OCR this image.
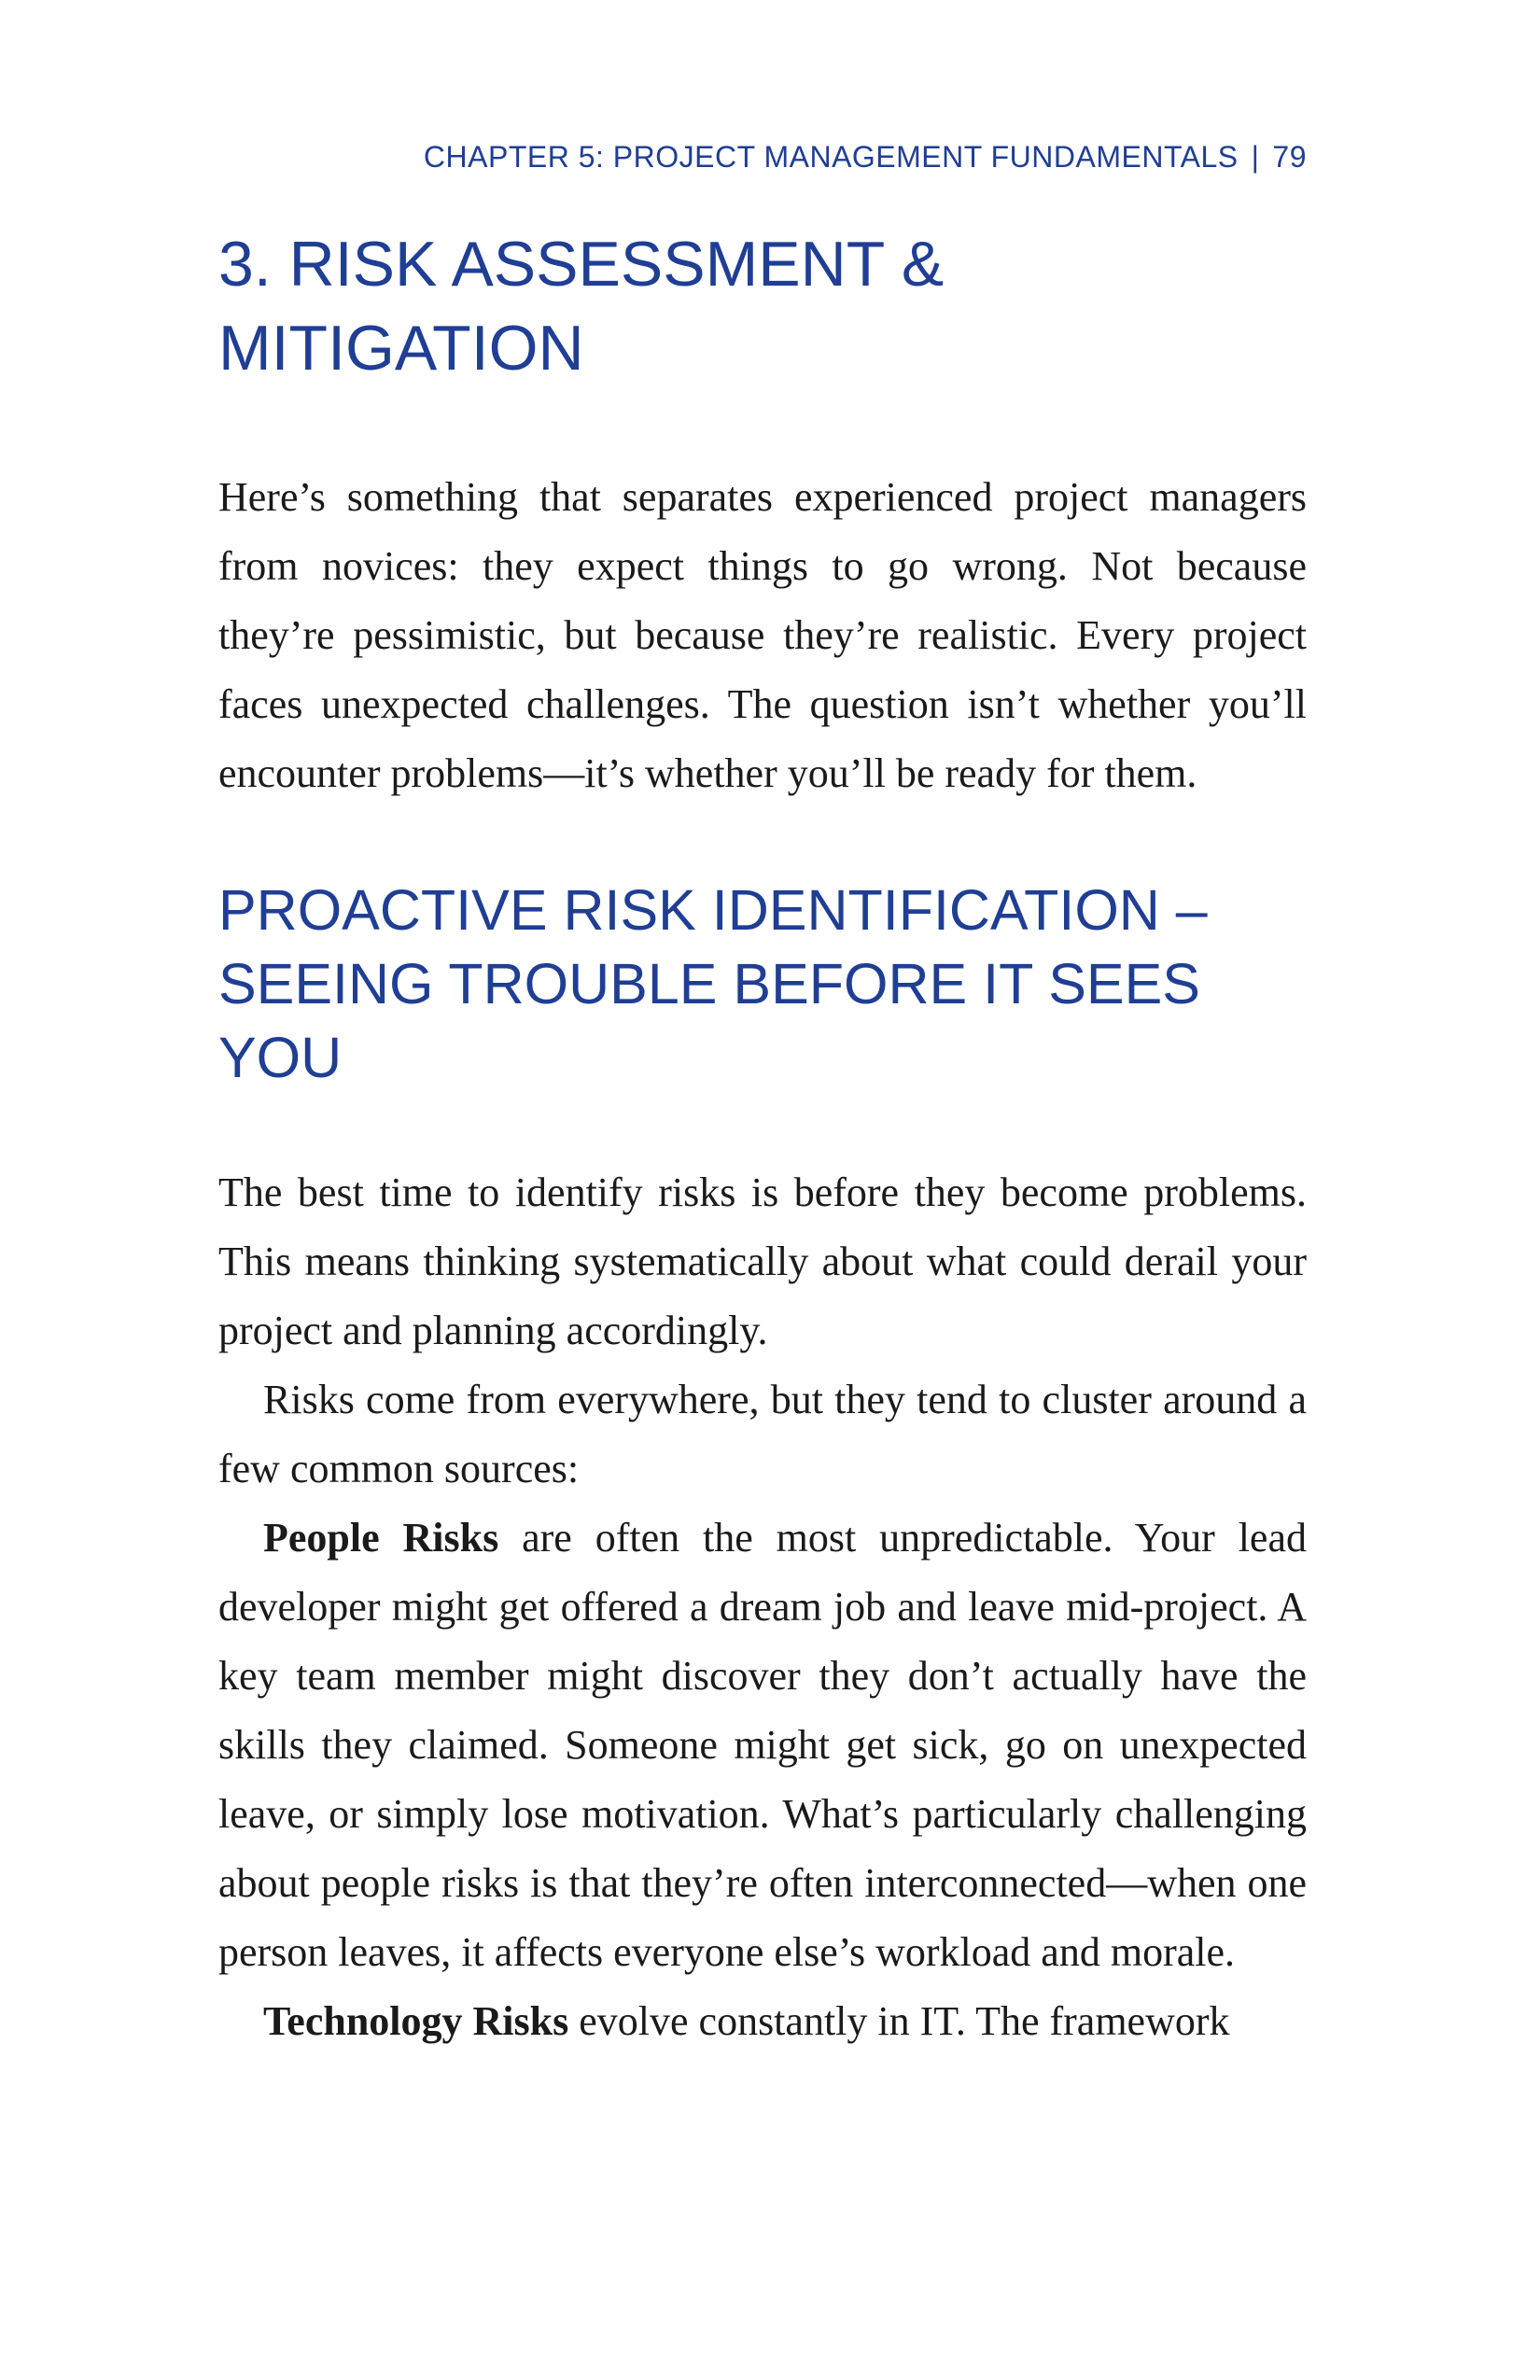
CHAPTER 5: PROJECT MANAGEMENT FUNDAMENTALS | 79
3. RISK ASSESSMENT & MITIGATION

Here’s something that separates experienced project managers from novices: they expect things to go wrong. Not because they’re pessimistic, but because they’re realistic. Every project faces unexpected challenges. The question isn’t whether you’ll encounter problems—it’s whether you’ll be ready for them.

PROACTIVE RISK IDENTIFICATION – SEEING TROUBLE BEFORE IT SEES YOU

The best time to identify risks is before they become problems. This means thinking systematically about what could derail your project and planning accordingly.

Risks come from everywhere, but they tend to cluster around a few common sources:

People Risks are often the most unpredictable. Your lead developer might get offered a dream job and leave mid-project. A key team member might discover they don’t actually have the skills they claimed. Someone might get sick, go on unexpected leave, or simply lose motivation. What’s particularly challenging about people risks is that they’re often interconnected—when one person leaves, it affects everyone else’s workload and morale.

Technology Risks evolve constantly in IT. The framework
